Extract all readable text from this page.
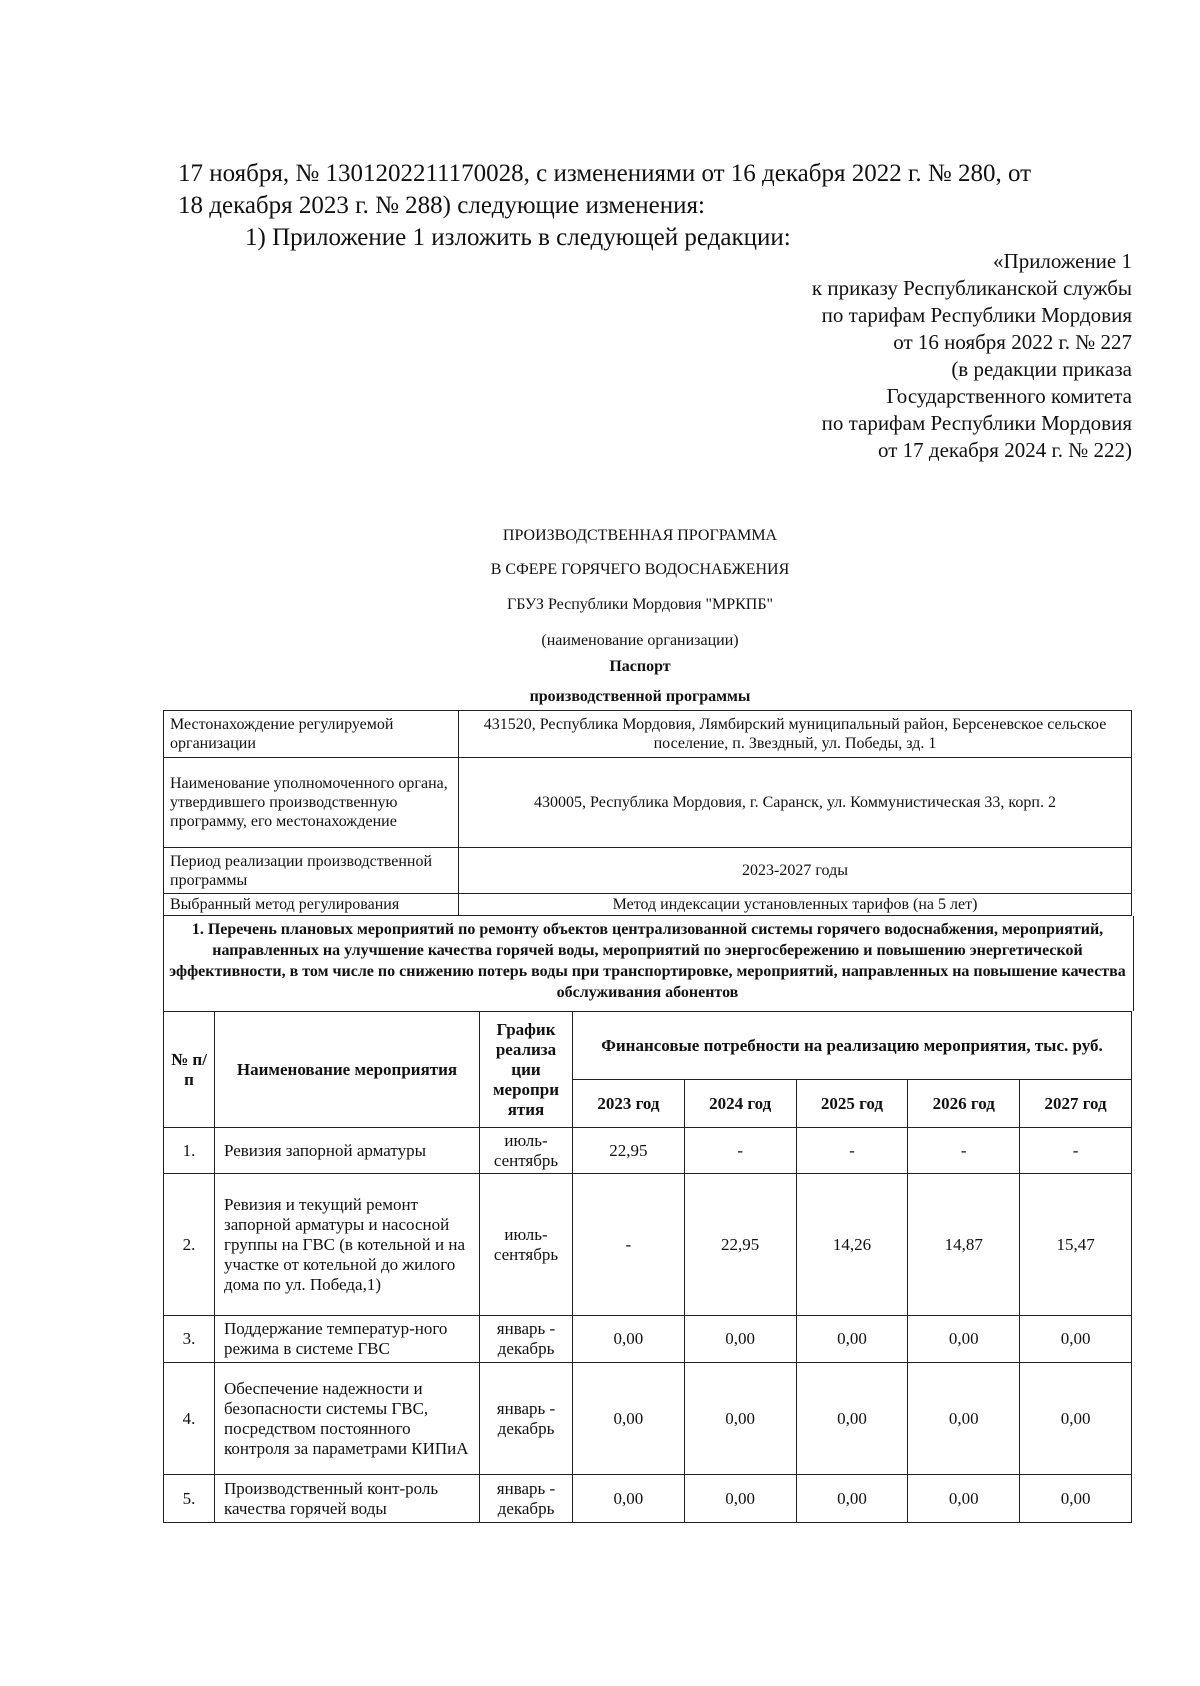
17 ноября, № 1301202211170028, с изменениями от 16 декабря 2022 г. № 280, от

18 декабря 2023 г. № 288) следующие изменения:

1) Приложение 1 изложить в следующей редакции:

«Приложение 1
к приказу Республиканской службы
по тарифам Республики Мордовия
от 16 ноября 2022 г. № 227
(в редакции приказа
Государственного комитета
по тарифам Республики Мордовия
от 17 декабря 2024 г. № 222)
ПРОИЗВОДСТВЕННАЯ ПРОГРАММА
В СФЕРЕ ГОРЯЧЕГО ВОДОСНАБЖЕНИЯ
ГБУЗ Республики Мордовия "МРКПБ"
(наименование организации)
Паспорт
производственной программы
Местонахождение регулируемой организации	431520, Республика Мордовия, Лямбирский муниципальный район, Берсеневское сельское поселение, п. Звездный, ул. Победы, зд. 1
Наименование уполномоченного органа, утвердившего производственную программу, его местонахождение	430005, Республика Мордовия, г. Саранск, ул. Коммунистическая 33, корп. 2
Период реализации производственной программы	2023-2027 годы
Выбранный метод регулирования	Метод индексации установленных тарифов (на 5 лет)
1. Перечень плановых мероприятий по ремонту объектов централизованной системы горячего водоснабжения, мероприятий, направленных на улучшение качества горячей воды, мероприятий по энергосбережению и повышению энергетической эффективности, в том числе по снижению потерь воды при транспортировке, мероприятий, направленных на повышение качества обслуживания абонентов
№ п/п	Наименование мероприятия	График реализа ции меропри ятия	Финансовые потребности на реализацию мероприятия, тыс. руб.				
			2023 год	2024 год	2025 год	2026 год	2027 год
1.	Ревизия запорной арматуры	июль-сентябрь	22,95	-	-	-	-
2.	Ревизия и текущий ремонт запорной арматуры и насосной группы на ГВС (в котельной и на участке от котельной до жилого дома по ул. Победа,1)	июль-сентябрь	-	22,95	14,26	14,87	15,47
3.	Поддержание температур-ного режима в системе ГВС	январь - декабрь	0,00	0,00	0,00	0,00	0,00
4.	Обеспечение надежности и безопасности системы ГВС, посредством постоянного контроля за параметрами КИПиА	январь - декабрь	0,00	0,00	0,00	0,00	0,00
5.	Производственный конт-роль качества горячей воды	январь - декабрь	0,00	0,00	0,00	0,00	0,00
